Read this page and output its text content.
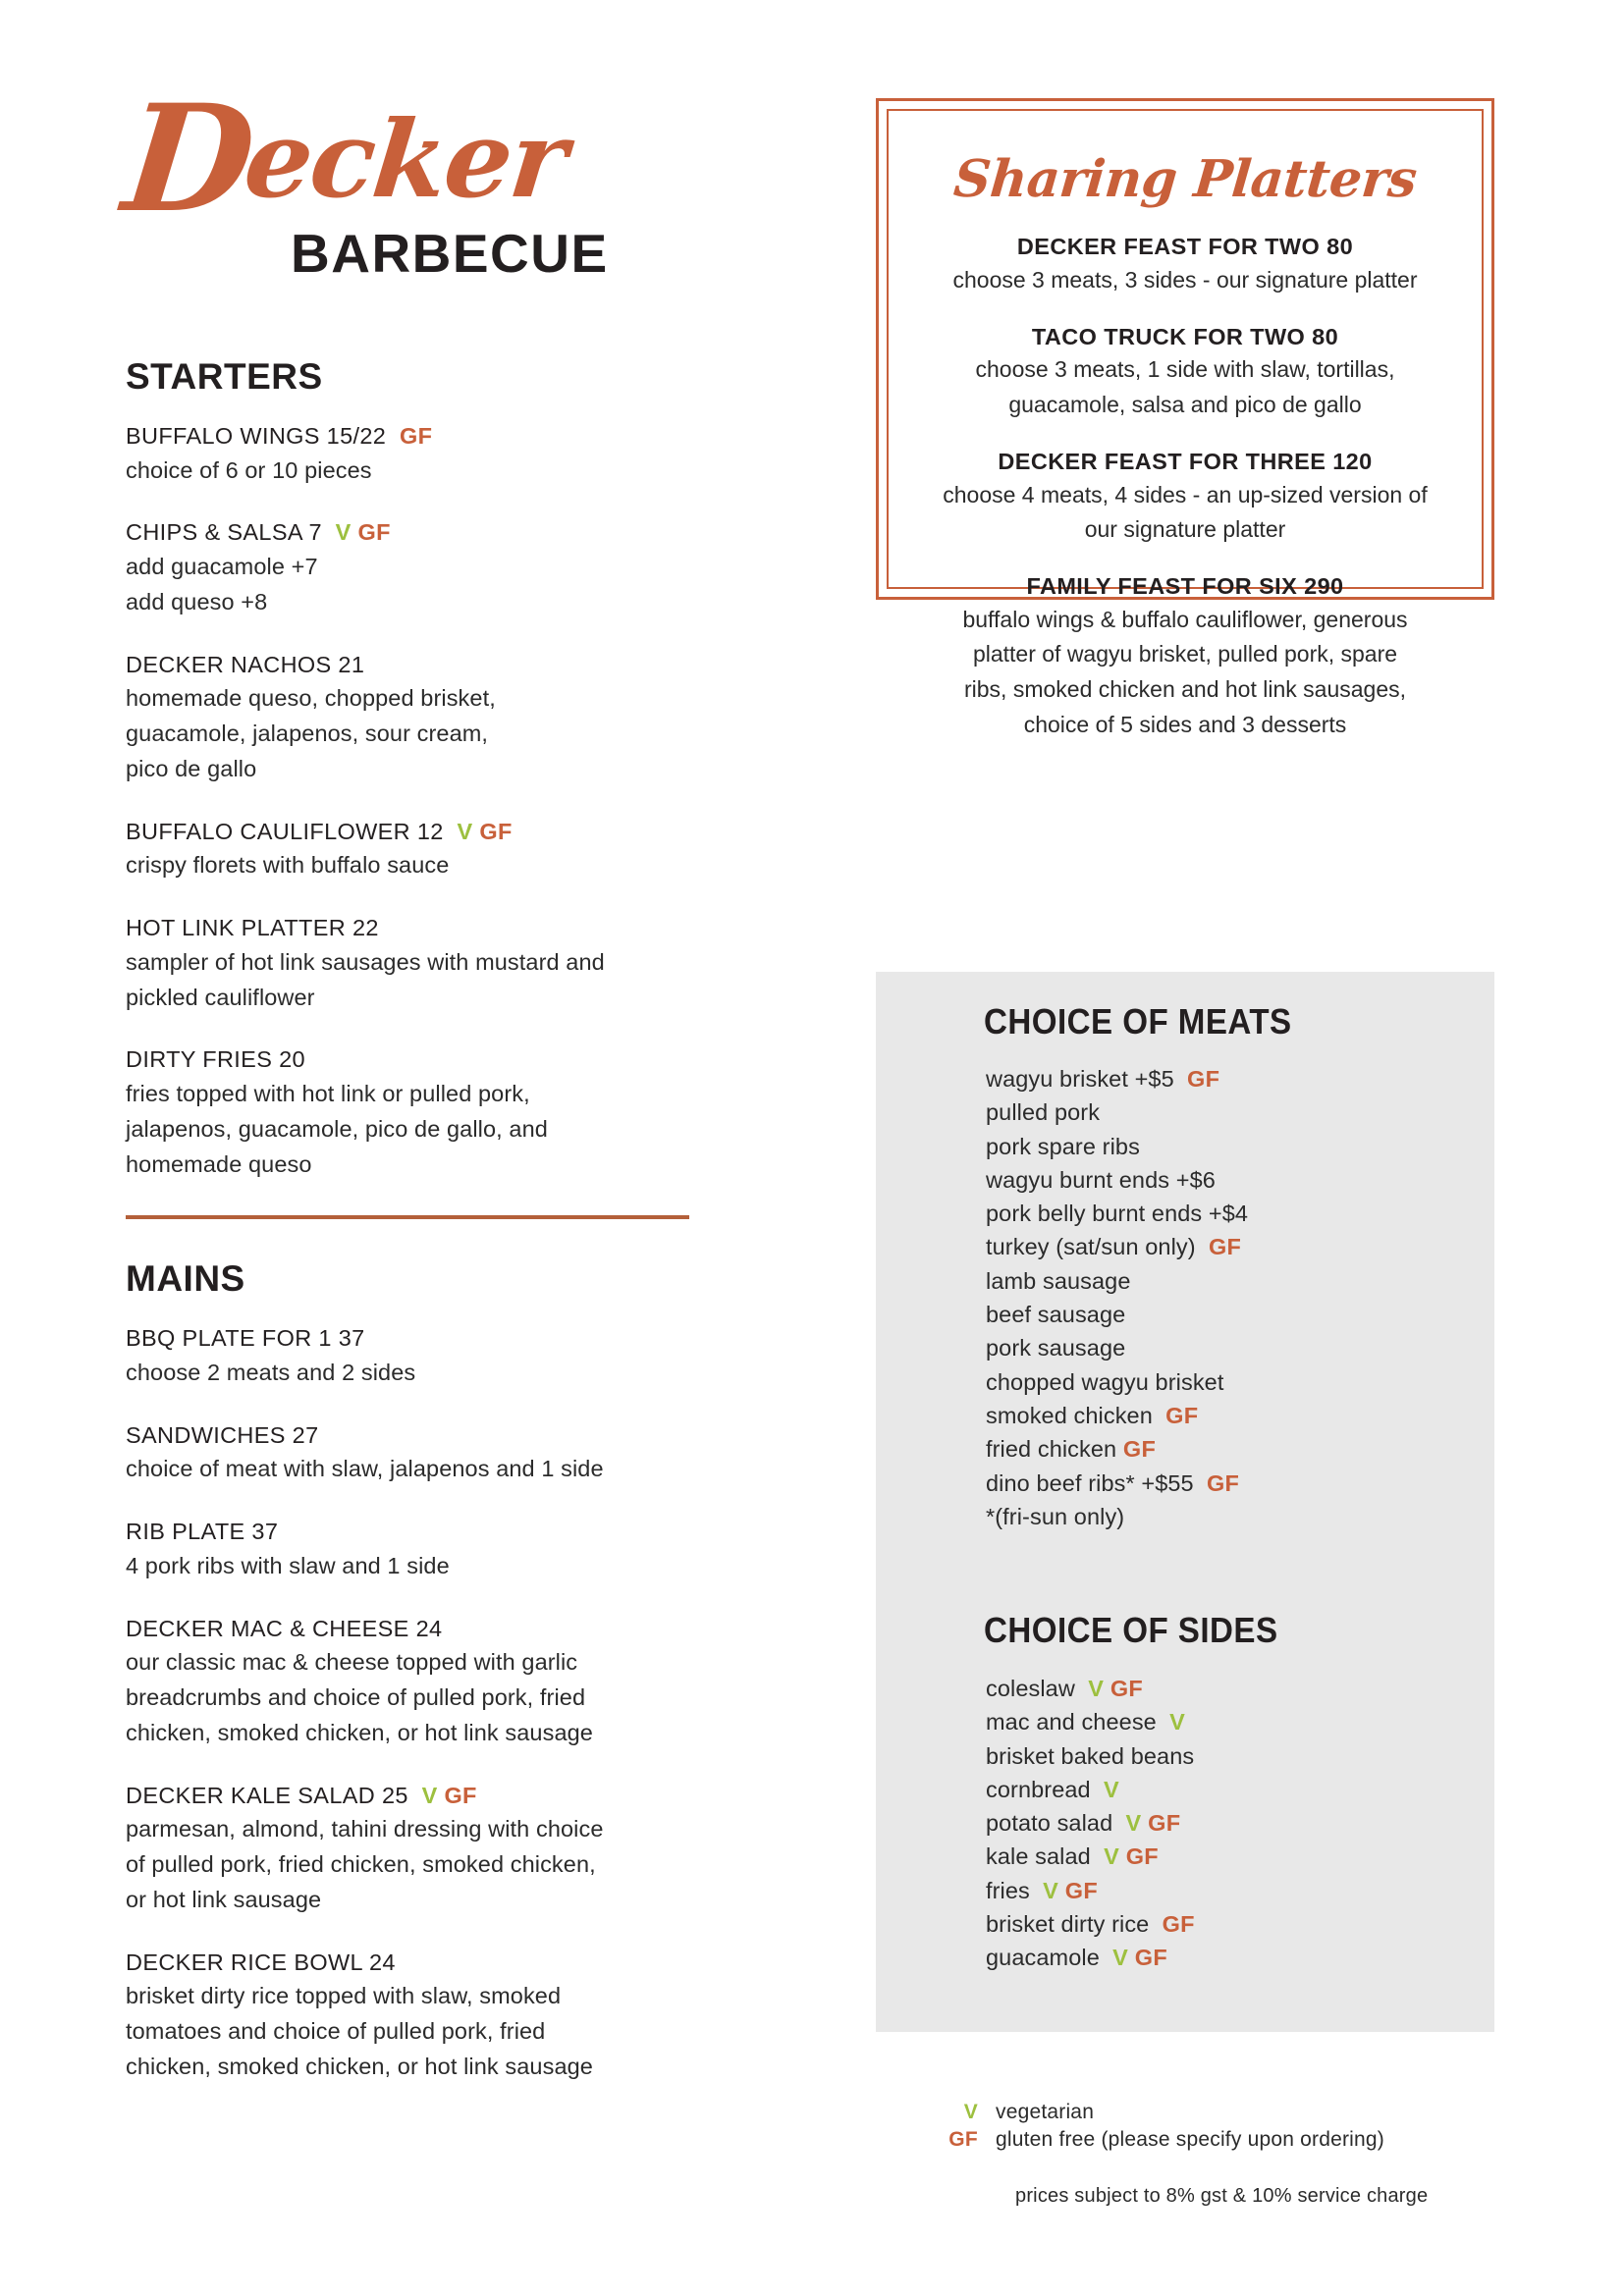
Decker
BARBECUE
STARTERS
BUFFALO WINGS 15/22  GF
choice of 6 or 10 pieces
CHIPS & SALSA 7  V GF
add guacamole +7
add queso +8
DECKER NACHOS 21
homemade queso, chopped brisket,
guacamole, jalapenos, sour cream,
pico de gallo
BUFFALO CAULIFLOWER 12  V GF
crispy florets with buffalo sauce
HOT LINK PLATTER 22
sampler of hot link sausages with mustard and
pickled cauliflower
DIRTY FRIES 20
fries topped with hot link or pulled pork,
jalapenos, guacamole, pico de gallo, and
homemade queso
MAINS
BBQ PLATE FOR 1 37
choose 2 meats and 2 sides
SANDWICHES 27
choice of meat with slaw, jalapenos and 1 side
RIB PLATE 37
4 pork ribs with slaw and 1 side
DECKER MAC & CHEESE 24
our classic mac & cheese topped with garlic
breadcrumbs and choice of pulled pork, fried
chicken, smoked chicken, or hot link sausage
DECKER KALE SALAD 25  V GF
parmesan, almond, tahini dressing with choice
of pulled pork, fried chicken, smoked chicken,
or hot link sausage
DECKER RICE BOWL 24
brisket dirty rice topped with slaw, smoked
tomatoes and choice of pulled pork, fried
chicken, smoked chicken, or hot link sausage
Sharing Platters
DECKER FEAST FOR TWO 80
choose 3 meats, 3 sides - our signature platter
TACO TRUCK FOR TWO 80
choose 3 meats, 1 side with slaw, tortillas,
guacamole, salsa and pico de gallo
DECKER FEAST FOR THREE 120
choose 4 meats, 4 sides - an up-sized version of
our signature platter
FAMILY FEAST FOR SIX 290
buffalo wings & buffalo cauliflower, generous
platter of wagyu brisket, pulled pork, spare
ribs, smoked chicken and hot link sausages,
choice of 5 sides and 3 desserts
CHOICE OF MEATS
wagyu brisket +$5  GF
pulled pork
pork spare ribs
wagyu burnt ends +$6
pork belly burnt ends +$4
turkey (sat/sun only)  GF
lamb sausage
beef sausage
pork sausage
chopped wagyu brisket
smoked chicken  GF
fried chicken GF
dino beef ribs* +$55  GF
*(fri-sun only)
CHOICE OF SIDES
coleslaw  V GF
mac and cheese  V
brisket baked beans
cornbread  V
potato salad  V GF
kale salad  V GF
fries  V GF
brisket dirty rice  GF
guacamole  V GF
V vegetarian
GF gluten free (please specify upon ordering)
prices subject to 8% gst & 10% service charge
